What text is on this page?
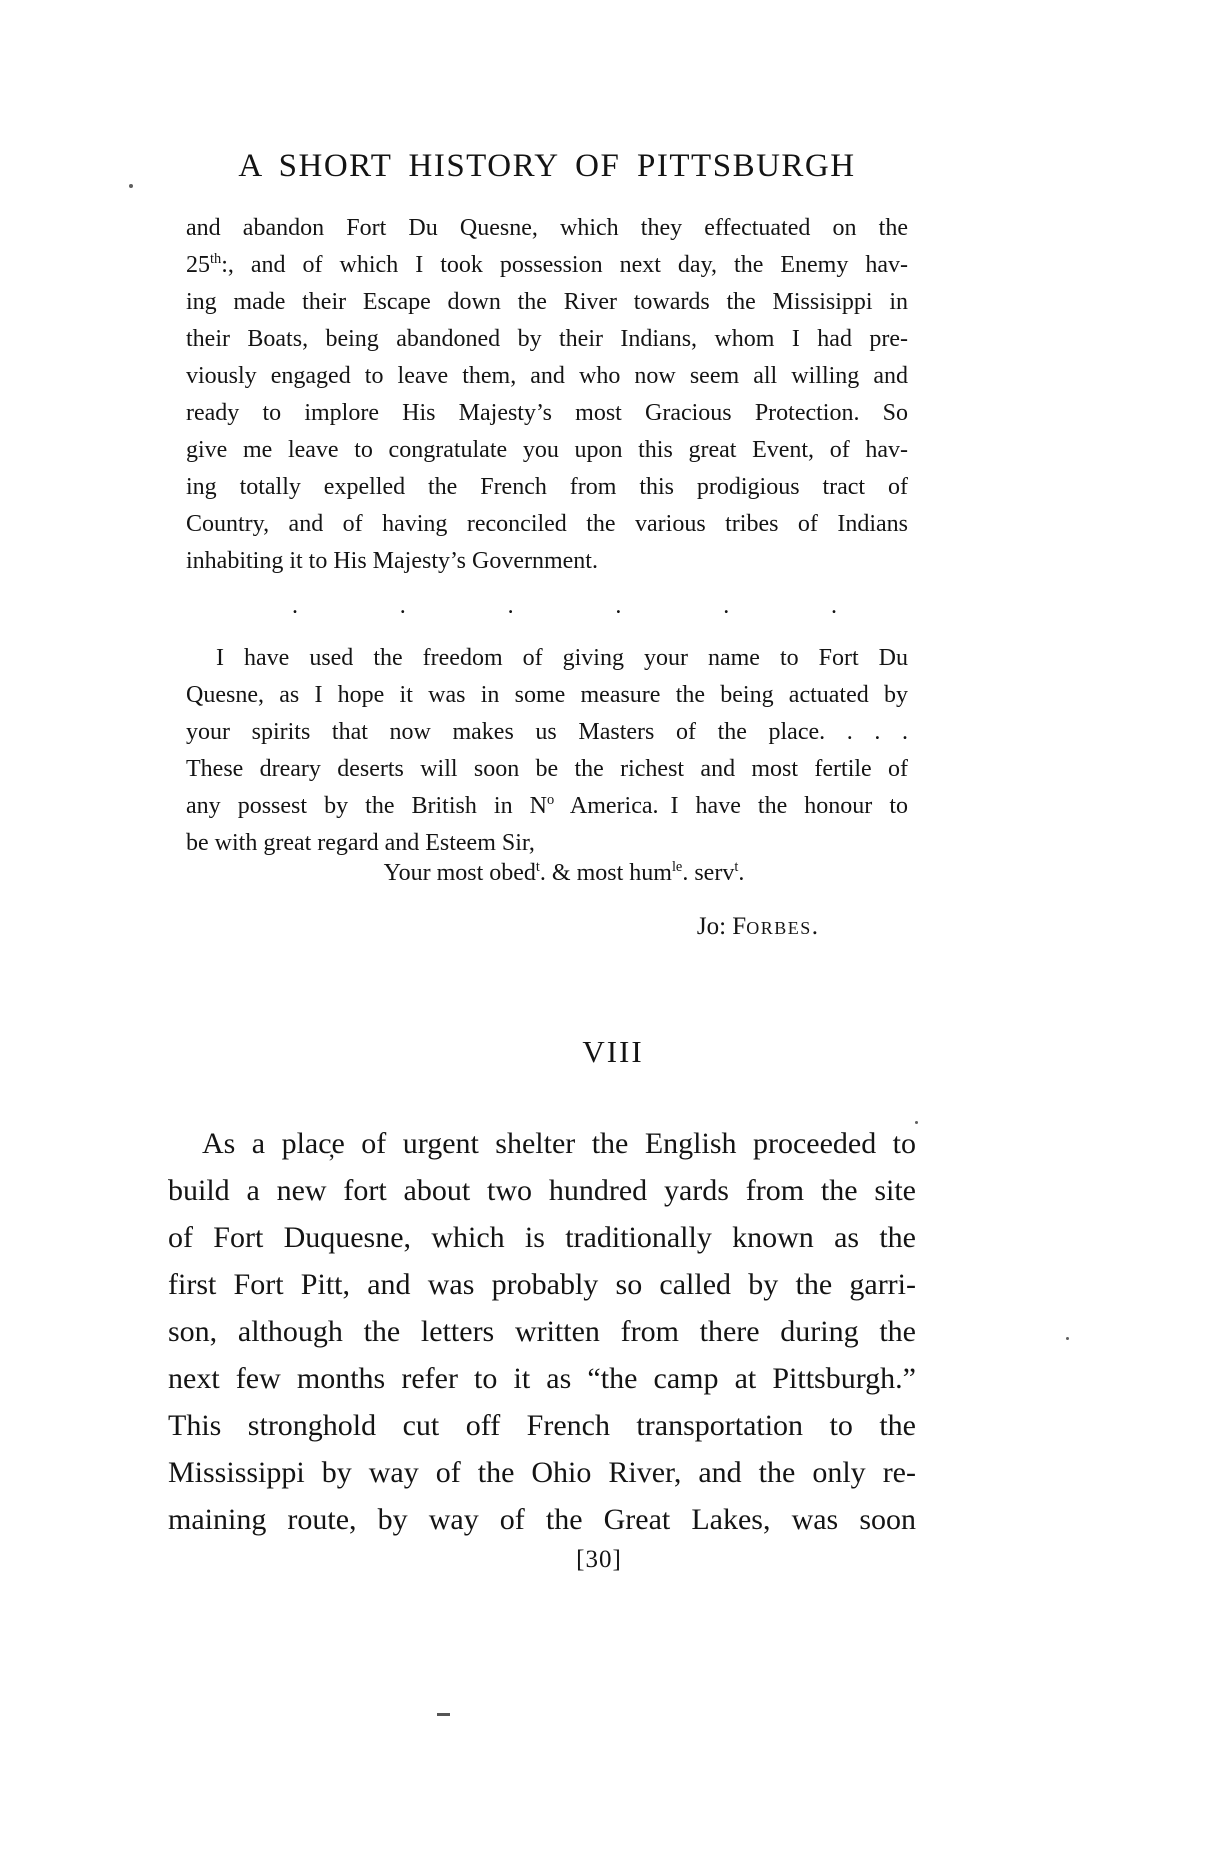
A SHORT HISTORY OF PITTSBURGH
and abandon Fort Du Quesne, which they effectuated on the
25th:, and of which I took possession next day, the Enemy hav-
ing made their Escape down the River towards the Missisippi in
their Boats, being abandoned by their Indians, whom I had pre-
viously engaged to leave them, and who now seem all willing and
ready to implore His Majesty’s most Gracious Protection. So
give me leave to congratulate you upon this great Event, of hav-
ing totally expelled the French from this prodigious tract of
Country, and of having reconciled the various tribes of Indians
inhabiting it to His Majesty’s Government.
. . . . . .
I have used the freedom of giving your name to Fort Du
Quesne, as I hope it was in some measure the being actuated by
your spirits that now makes us Masters of the place. . . .
These dreary deserts will soon be the richest and most fertile of
any possest by the British in $N^o$ America. I have the honour to
be with great regard and Esteem Sir,
Your most obed$^t$. & most hum$^{le}$. serv$^t$.
Jo: Forbes.
VIII
As a plac̦e of urgent shelter the English proceeded to
build a new fort about two hundred yards from the site
of Fort Duquesne, which is traditionally known as the
first Fort Pitt, and was probably so called by the garri-
son, although the letters written from there during the
next few months refer to it as “the camp at Pittsburgh.”
This stronghold cut off French transportation to the
Mississippi by way of the Ohio River, and the only re-
maining route, by way of the Great Lakes, was soon
[30]
